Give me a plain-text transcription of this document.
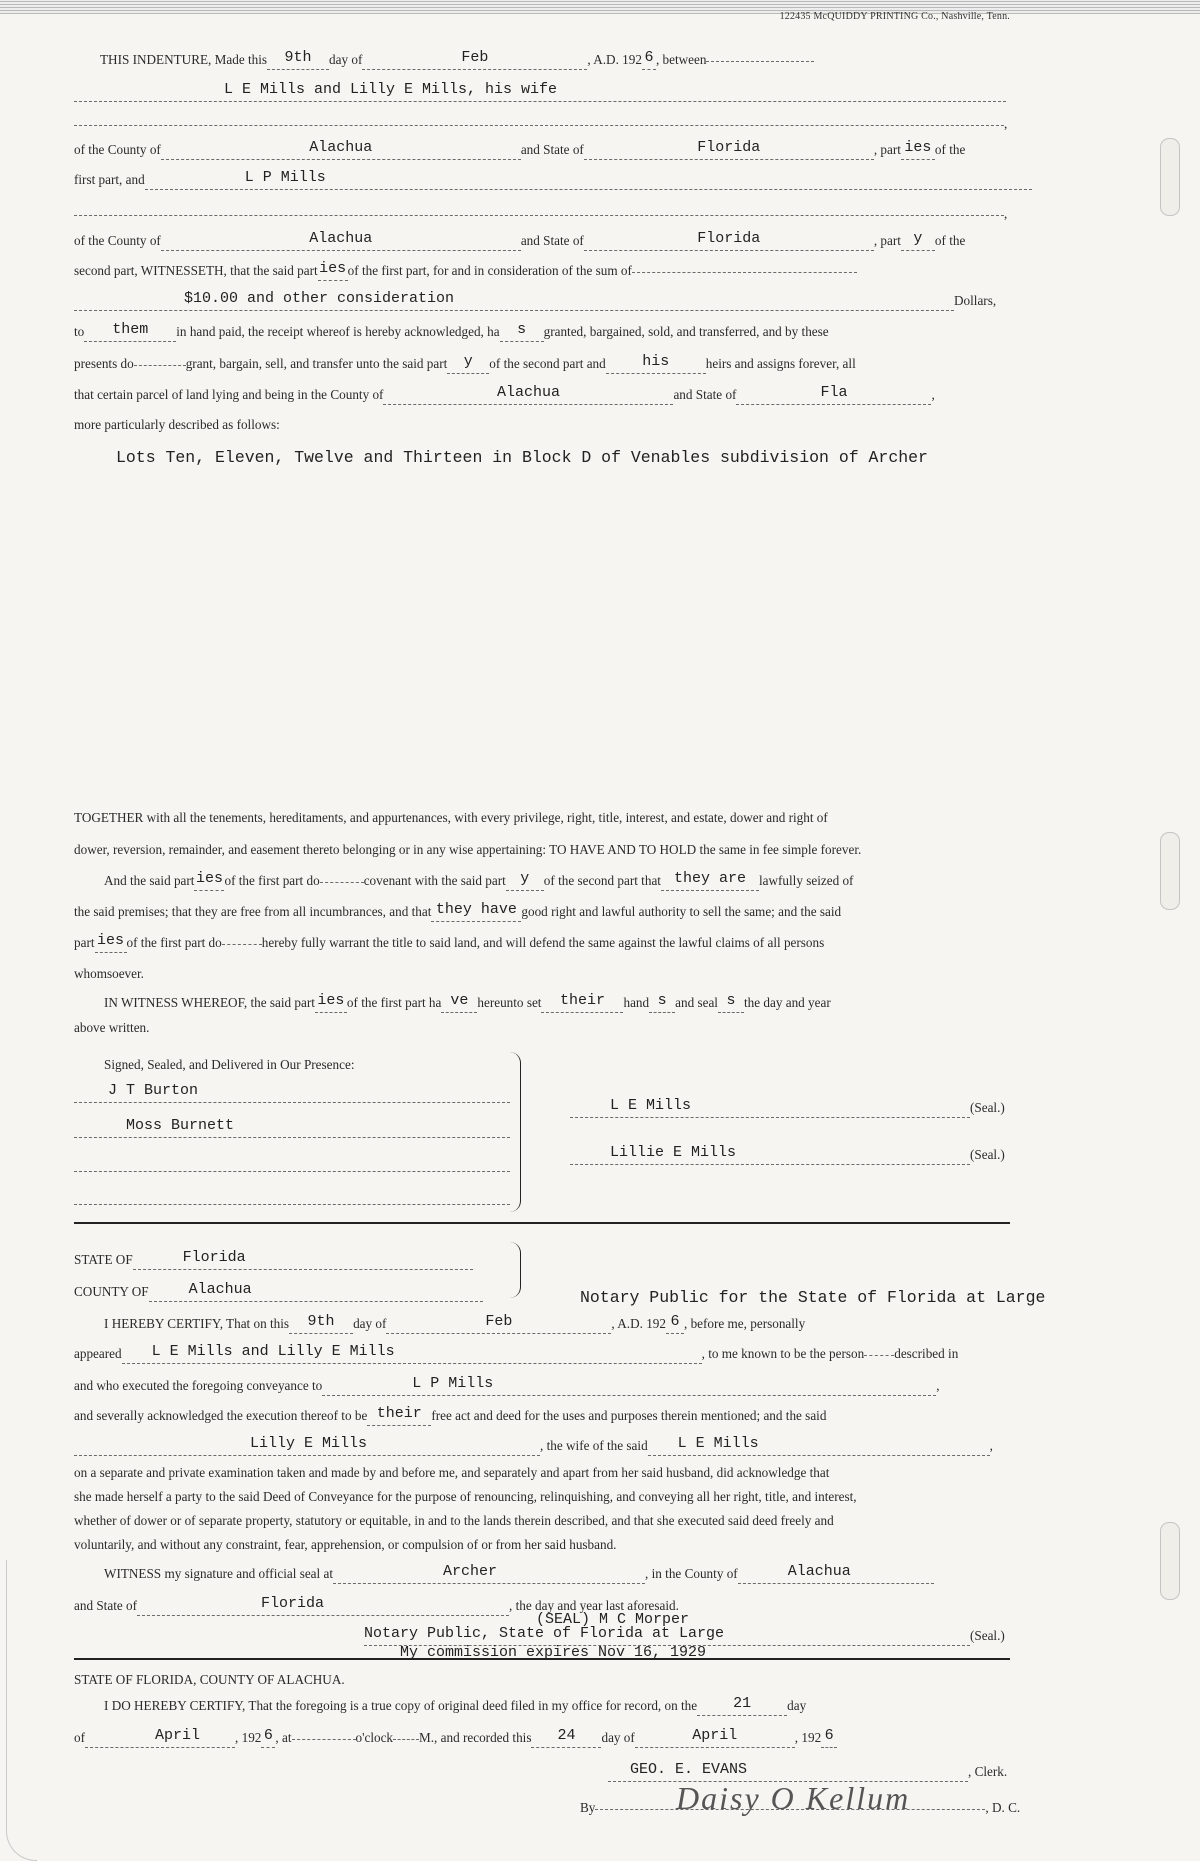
122435 McQUIDDY PRINTING Co., Nashville, Tenn.
THIS INDENTURE, Made this 9th day of	Feb	, A.D. 192 6 , between
L E Mills and Lilly E Mills, his wife
,
of the County of	Alachua	and State of	Florida	, part ies of the
first part, and	L P Mills
,
of the County of	Alachua	and State of	Florida	, part y of the
second part, WITNESSETH, that the said parties of the first part, for and in consideration of the sum of
$10.00 and other consideration	Dollars,
to them in hand paid, the receipt whereof is hereby acknowledged, ha s granted, bargained, sold, and transferred, and by these
presents do	grant, bargain, sell, and transfer unto the said part y of the second part and his	heirs and assigns forever, all
that certain parcel of land lying and being in the County of	Alachua	and State of	Fla	,
more particularly described as follows:
Lots Ten, Eleven, Twelve and Thirteen in Block D of Venables subdivision of Archer
TOGETHER with all the tenements, hereditaments, and appurtenances, with every privilege, right, title, interest, and estate, dower and right of
dower, reversion, remainder, and easement thereto belonging or in any wise appertaining: TO HAVE AND TO HOLD the same in fee simple forever.
And the said parties of the first part do	covenant with the said part y of the second part that they are lawfully seized of
the said premises; that they are free from all incumbrances, and that they have good right and lawful authority to sell the same; and the said
part ies of the first part do	hereby fully warrant the title to said land, and will defend the same against the lawful claims of all persons
whomsoever.
IN WITNESS WHEREOF, the said part ies of the first part ha ve hereunto set their hand s and seal s the day and year
above written.
Signed, Sealed, and Delivered in Our Presence:
J T Burton
Moss Burnett
L E Mills	(Seal.)
Lillie E Mills	(Seal.)
STATE OF	Florida
COUNTY OF	Alachua	Notary Public for the State of Florida at Large
I HEREBY CERTIFY, That on this 9th day of	Feb	, A.D. 192 6 , before me, personally
appeared L E Mills and Lilly E Mills	, to me known to be the person described in
and who executed the foregoing conveyance to	L P Mills	,
and severally acknowledged the execution thereof to be their free act and deed for the uses and purposes therein mentioned; and the said
Lilly E Mills	, the wife of the said L E Mills	,
on a separate and private examination taken and made by and before me, and separately and apart from her said husband, did acknowledge that
she made herself a party to the said Deed of Conveyance for the purpose of renouncing, relinquishing, and conveying all her right, title, and interest,
whether of dower or of separate property, statutory or equitable, in and to the lands therein described, and that she executed said deed freely and
voluntarily, and without any constraint, fear, apprehension, or compulsion of or from her said husband.
WITNESS my signature and official seal at	Archer	, in the County of	Alachua
and State of	Florida	, the day and year last aforesaid.
(SEAL) M C Morper
Notary Public, State of Florida at Large	(Seal.)
My commission expires Nov 16, 1929
STATE OF FLORIDA, COUNTY OF ALACHUA.
I DO HEREBY CERTIFY, That the foregoing is a true copy of original deed filed in my office for record, on the 21	day
of	April	, 192 6 , at	o'clock M., and recorded this 24 day of	April	, 192 6
GEO. E. EVANS	, Clerk.
By	, D. C.
Daisy O Kellum
